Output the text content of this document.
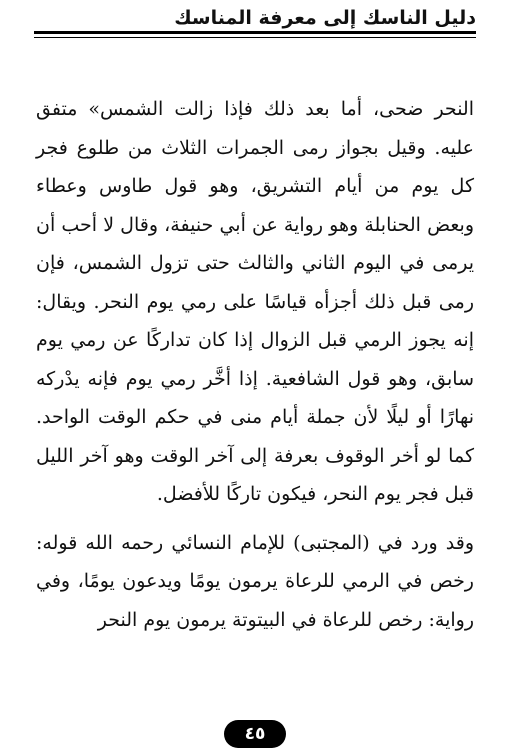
دليل الناسك إلى معرفة المناسك

النحر ضحى، أما بعد ذلك فإذا زالت الشمس» متفق عليه. وقيل بجواز رمى الجمرات الثلاث من طلوع فجر كل يوم من أيام التشريق، وهو قول طاوس وعطاء وبعض الحنابلة وهو رواية عن أبي حنيفة، وقال لا أحب أن يرمى في اليوم الثاني والثالث حتى تزول الشمس، فإن رمى قبل ذلك أجزأه قياسًا على رمي يوم النحر. ويقال: إنه يجوز الرمي قبل الزوال إذا كان تداركًا عن رمي يوم سابق، وهو قول الشافعية. إذا أخَّر رمي يوم فإنه يدْركه نهارًا أو ليلًا لأن جملة أيام منى في حكم الوقت الواحد. كما لو أخر الوقوف بعرفة إلى آخر الوقت وهو آخر الليل قبل فجر يوم النحر، فيكون تاركًا للأفضل.

وقد ورد في (المجتبى) للإمام النسائي رحمه الله قوله: رخص في الرمي للرعاة يرمون يومًا ويدعون يومًا، وفي رواية: رخص للرعاة في البيتوتة يرمون يوم النحر

٤٥
